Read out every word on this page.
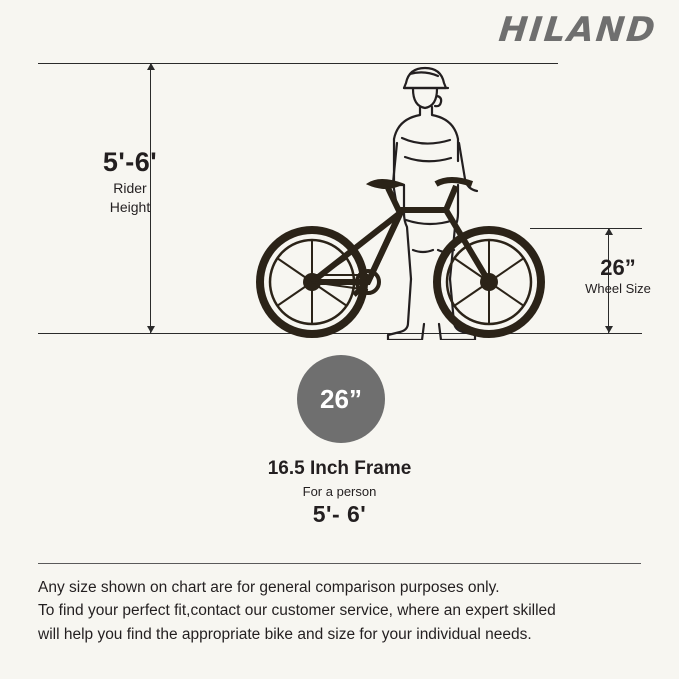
HILAND
5'-6'
Rider
Height
26”
Wheel Size
26”
16.5 Inch Frame
For a person
5'- 6'
Any size shown on chart are for general comparison purposes only.
To find your perfect fit,contact our customer service, where an expert skilled
will help you find the appropriate bike and size for your individual needs.
